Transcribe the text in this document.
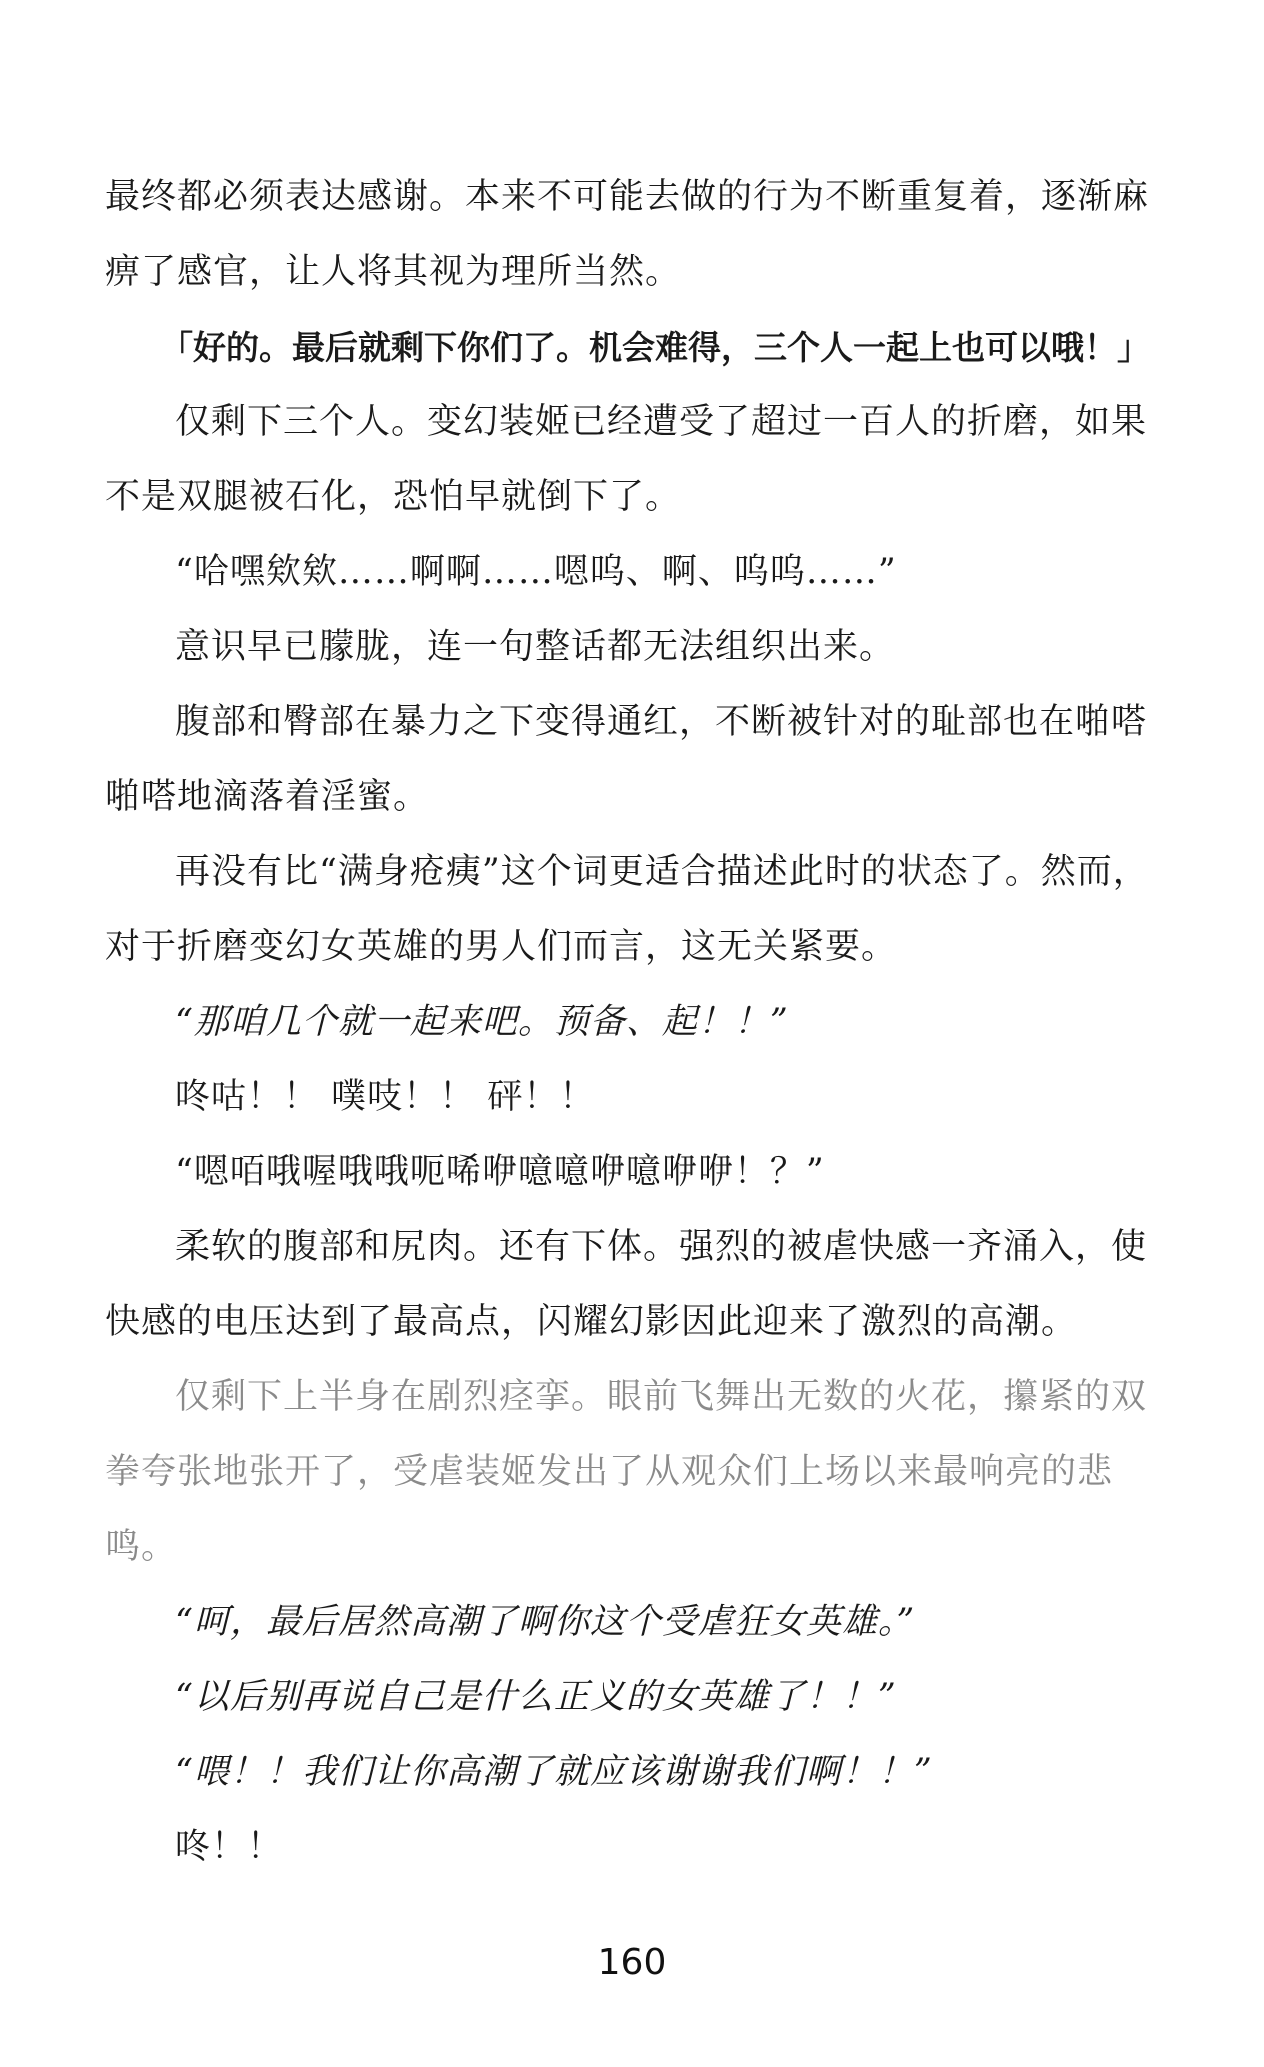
最终都必须表达感谢。本来不可能去做的行为不断重复着，逐渐麻痹了感官，让人将其视为理所当然。

「好的。最后就剩下你们了。机会难得，三个人一起上也可以哦！」

仅剩下三个人。变幻装姬已经遭受了超过一百人的折磨，如果不是双腿被石化，恐怕早就倒下了。

“哈嘿欸欸……啊啊……嗯呜、啊、呜呜……”

意识早已朦胧，连一句整话都无法组织出来。

腹部和臀部在暴力之下变得通红，不断被针对的耻部也在啪嗒啪嗒地滴落着淫蜜。

再没有比“满身疮痍”这个词更适合描述此时的状态了。然而，对于折磨变幻女英雄的男人们而言，这无关紧要。

“那咱几个就一起来吧。预备、起！！”

咚咕！！ 噗吱！！ 砰！！

“嗯咟哦喔哦哦呃唏咿噫噫咿噫咿咿！？”

柔软的腹部和尻肉。还有下体。强烈的被虐快感一齐涌入，使快感的电压达到了最高点，闪耀幻影因此迎来了激烈的高潮。

仅剩下上半身在剧烈痉挛。眼前飞舞出无数的火花，攥紧的双拳夸张地张开了，受虐装姬发出了从观众们上场以来最响亮的悲鸣。

“呵，最后居然高潮了啊你这个受虐狂女英雄。”

“以后别再说自己是什么正义的女英雄了！！”

“喂！！我们让你高潮了就应该谢谢我们啊！！”

咚！！

160
